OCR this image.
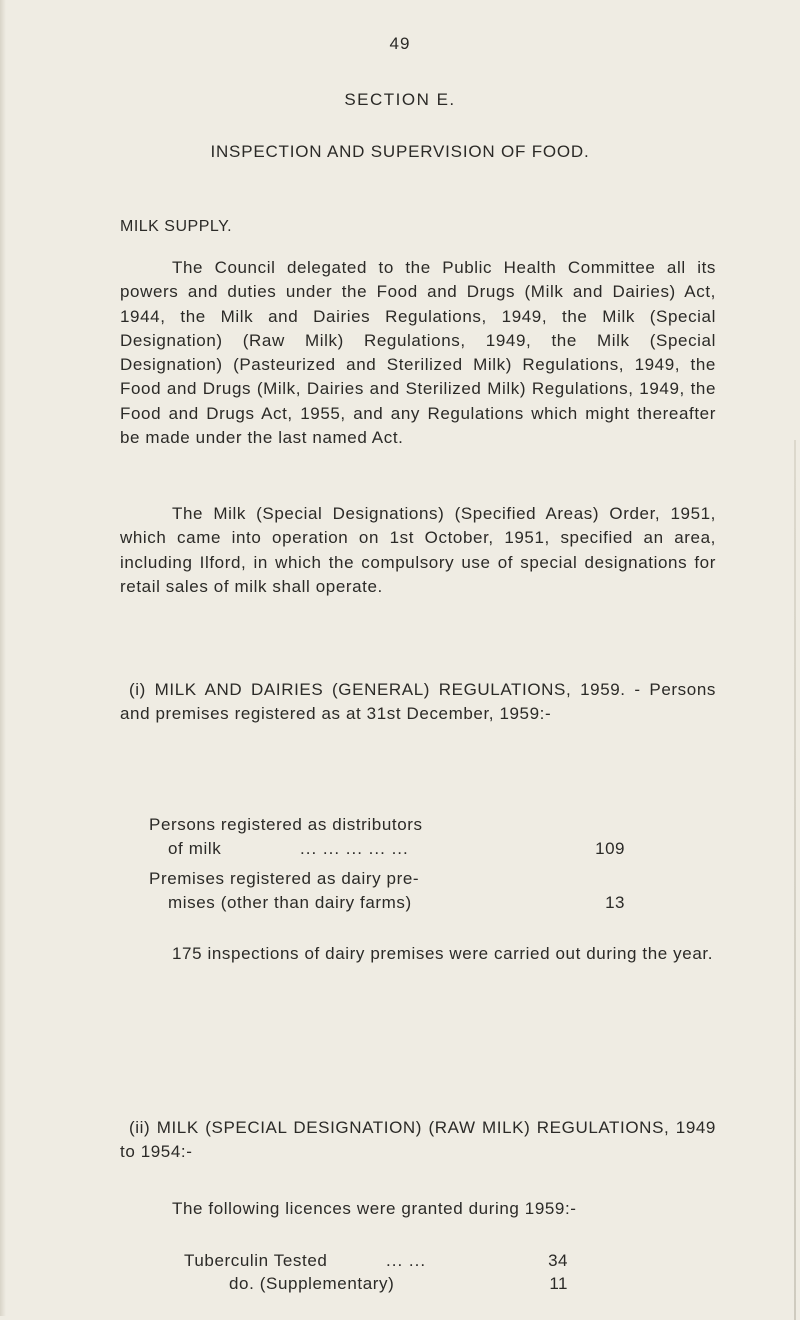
49
SECTION E.
INSPECTION AND SUPERVISION OF FOOD.
MILK SUPPLY.

The Council delegated to the Public Health Committee all its powers and duties under the Food and Drugs (Milk and Dairies) Act, 1944, the Milk and Dairies Regulations, 1949, the Milk (Special Designation) (Raw Milk) Regulations, 1949, the Milk (Special Designation) (Pasteurized and Sterilized Milk) Regulations, 1949, the Food and Drugs (Milk, Dairies and Sterilized Milk) Regulations, 1949, the Food and Drugs Act, 1955, and any Regulations which might thereafter be made under the last named Act.

The Milk (Special Designations) (Specified Areas) Order, 1951, which came into operation on 1st October, 1951, specified an area, including Ilford, in which the compulsory use of special designations for retail sales of milk shall operate.

(i) MILK AND DAIRIES (GENERAL) REGULATIONS, 1959. - Persons and premises registered as at 31st December, 1959:-

Persons registered as distributors
of milk	... ... ... ... ...	109
Premises registered as dairy pre-
mises (other than dairy farms)	13

175 inspections of dairy premises were carried out during the year.

(ii) MILK (SPECIAL DESIGNATION) (RAW MILK) REGULATIONS, 1949 to 1954:-

The following licences were granted during 1959:-

Tuberculin Tested	... ...	34
do. (Supplementary)	11
